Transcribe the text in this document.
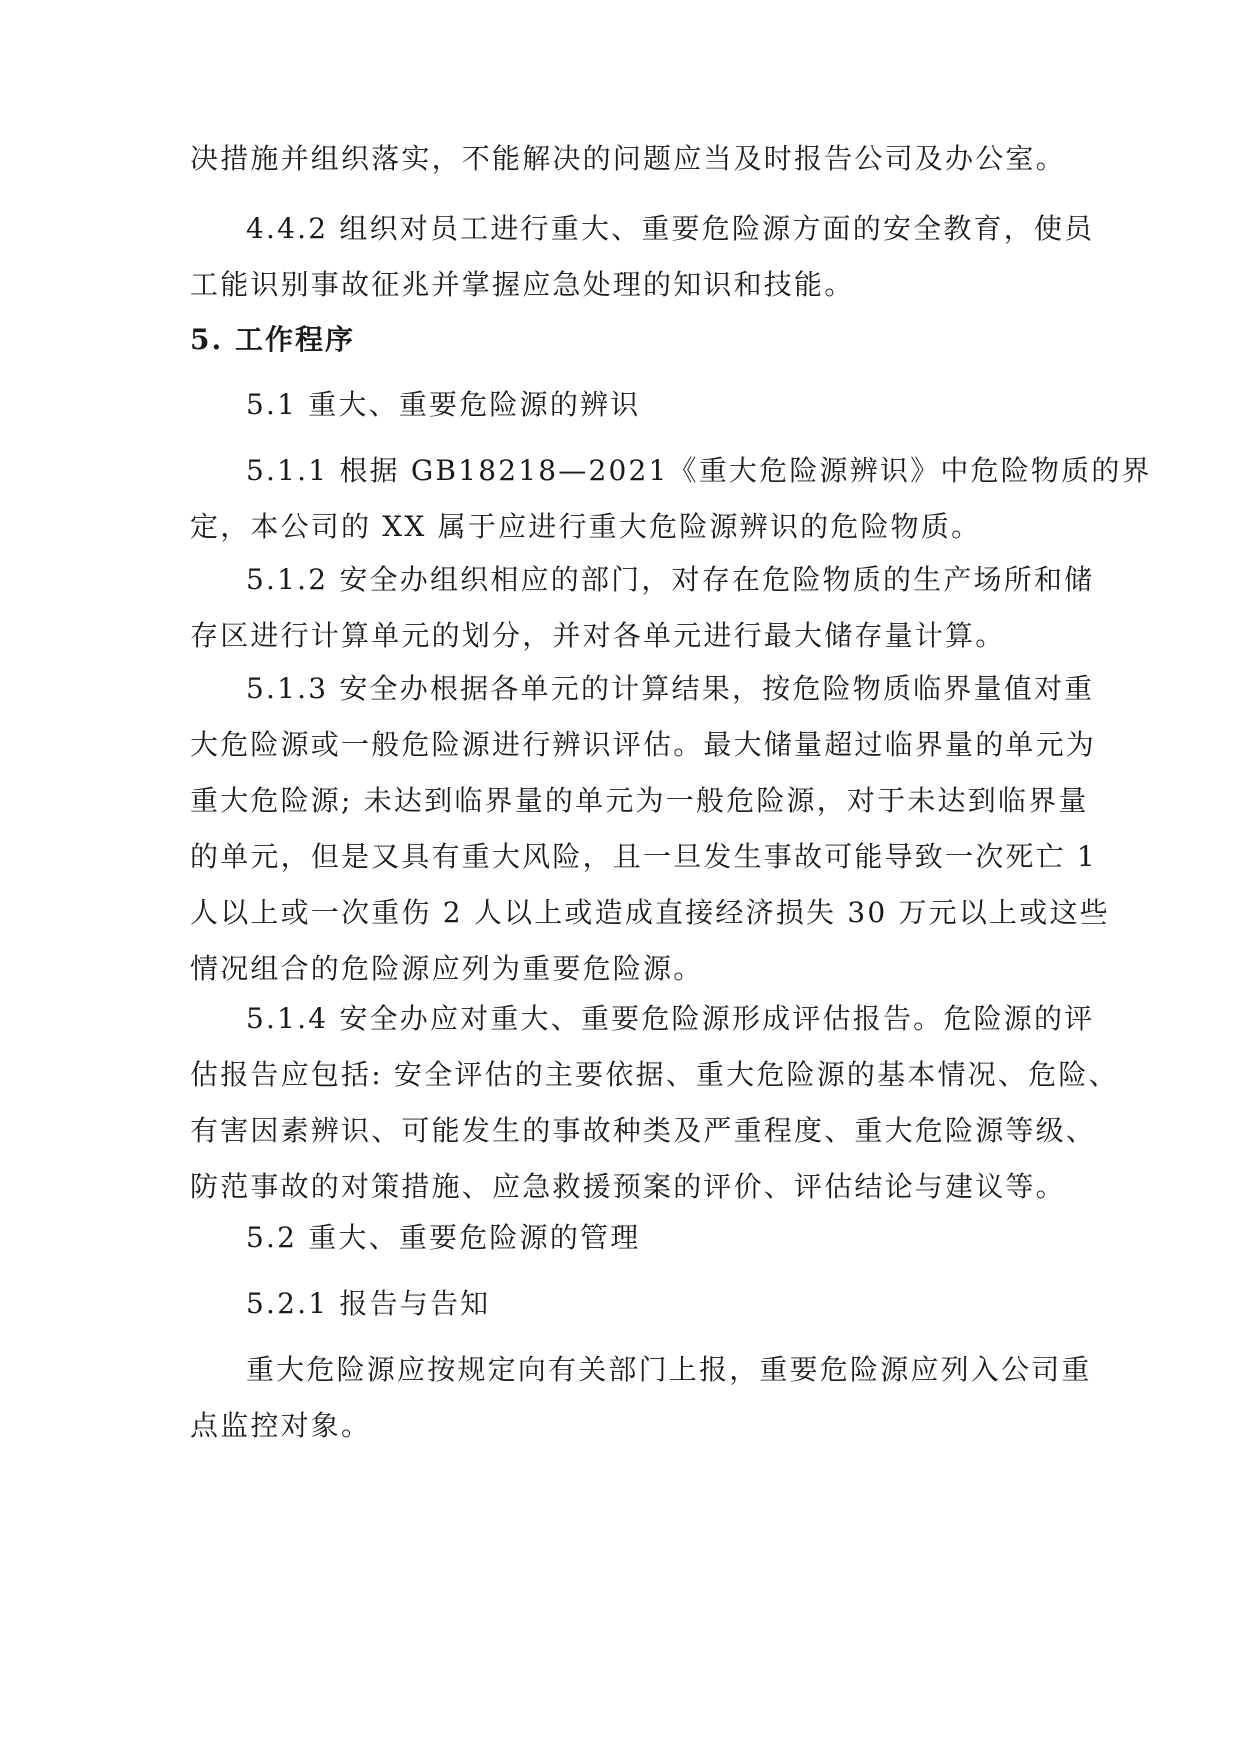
决措施并组织落实，不能解决的问题应当及时报告公司及办公室。
4.4.2 组织对员工进行重大、重要危险源方面的安全教育，使员
工能识别事故征兆并掌握应急处理的知识和技能。
5. 工作程序
5.1 重大、重要危险源的辨识
5.1.1 根据 GB18218—2021《重大危险源辨识》中危险物质的界
定，本公司的 XX 属于应进行重大危险源辨识的危险物质。
5.1.2 安全办组织相应的部门，对存在危险物质的生产场所和储
存区进行计算单元的划分，并对各单元进行最大储存量计算。
5.1.3 安全办根据各单元的计算结果，按危险物质临界量值对重
大危险源或一般危险源进行辨识评估。最大储量超过临界量的单元为
重大危险源; 未达到临界量的单元为一般危险源，对于未达到临界量
的单元，但是又具有重大风险，且一旦发生事故可能导致一次死亡 1
人以上或一次重伤 2 人以上或造成直接经济损失 30 万元以上或这些
情况组合的危险源应列为重要危险源。
5.1.4 安全办应对重大、重要危险源形成评估报告。危险源的评
估报告应包括: 安全评估的主要依据、重大危险源的基本情况、危险、
有害因素辨识、可能发生的事故种类及严重程度、重大危险源等级、
防范事故的对策措施、应急救援预案的评价、评估结论与建议等。
5.2 重大、重要危险源的管理
5.2.1 报告与告知
重大危险源应按规定向有关部门上报，重要危险源应列入公司重
点监控对象。
